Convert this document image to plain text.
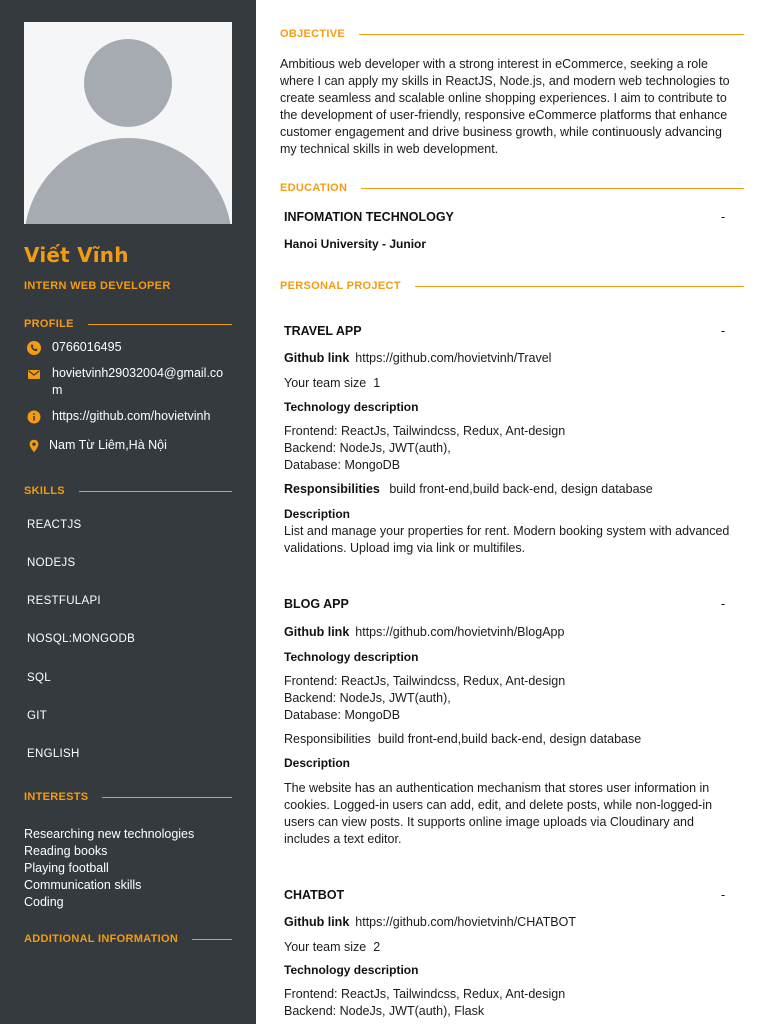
Viết Vĩnh
INTERN WEB DEVELOPER
PROFILE
0766016495
hovietvinh29032004@gmail.com
https://github.com/hovietvinh
Nam Từ Liêm,Hà Nội
SKILLS
REACTJS
NODEJS
RESTFULAPI
NOSQL:MONGODB
SQL
GIT
ENGLISH
INTERESTS
Researching new technologies
Reading books
Playing football
Communication skills
Coding
ADDITIONAL INFORMATION
OBJECTIVE

Ambitious web developer with a strong interest in eCommerce, seeking a role where I can apply my skills in ReactJS, Node.js, and modern web technologies to create seamless and scalable online shopping experiences. I aim to contribute to the development of user-friendly, responsive eCommerce platforms that enhance customer engagement and drive business growth, while continuously advancing my technical skills in web development.

EDUCATION
INFOMATION TECHNOLOGY	-
Hanoi University - Junior
PERSONAL PROJECT
TRAVEL APP	-
Github link https://github.com/hovietvinh/Travel
Your team size 1
Technology description
Frontend: ReactJs, Tailwindcss, Redux, Ant-design
Backend: NodeJs, JWT(auth),
Database: MongoDB
Responsibilities build front-end,build back-end, design database
Description

List and manage your properties for rent. Modern booking system with advanced validations. Upload img via link or multifiles.

BLOG APP	-
Github link https://github.com/hovietvinh/BlogApp
Technology description
Frontend: ReactJs, Tailwindcss, Redux, Ant-design
Backend: NodeJs, JWT(auth),
Database: MongoDB
Responsibilities build front-end,build back-end, design database
Description

The website has an authentication mechanism that stores user information in cookies. Logged-in users can add, edit, and delete posts, while non-logged-in users can view posts. It supports online image uploads via Cloudinary and includes a text editor.

CHATBOT	-
Github link https://github.com/hovietvinh/CHATBOT
Your team size 2
Technology description
Frontend: ReactJs, Tailwindcss, Redux, Ant-design
Backend: NodeJs, JWT(auth), Flask
